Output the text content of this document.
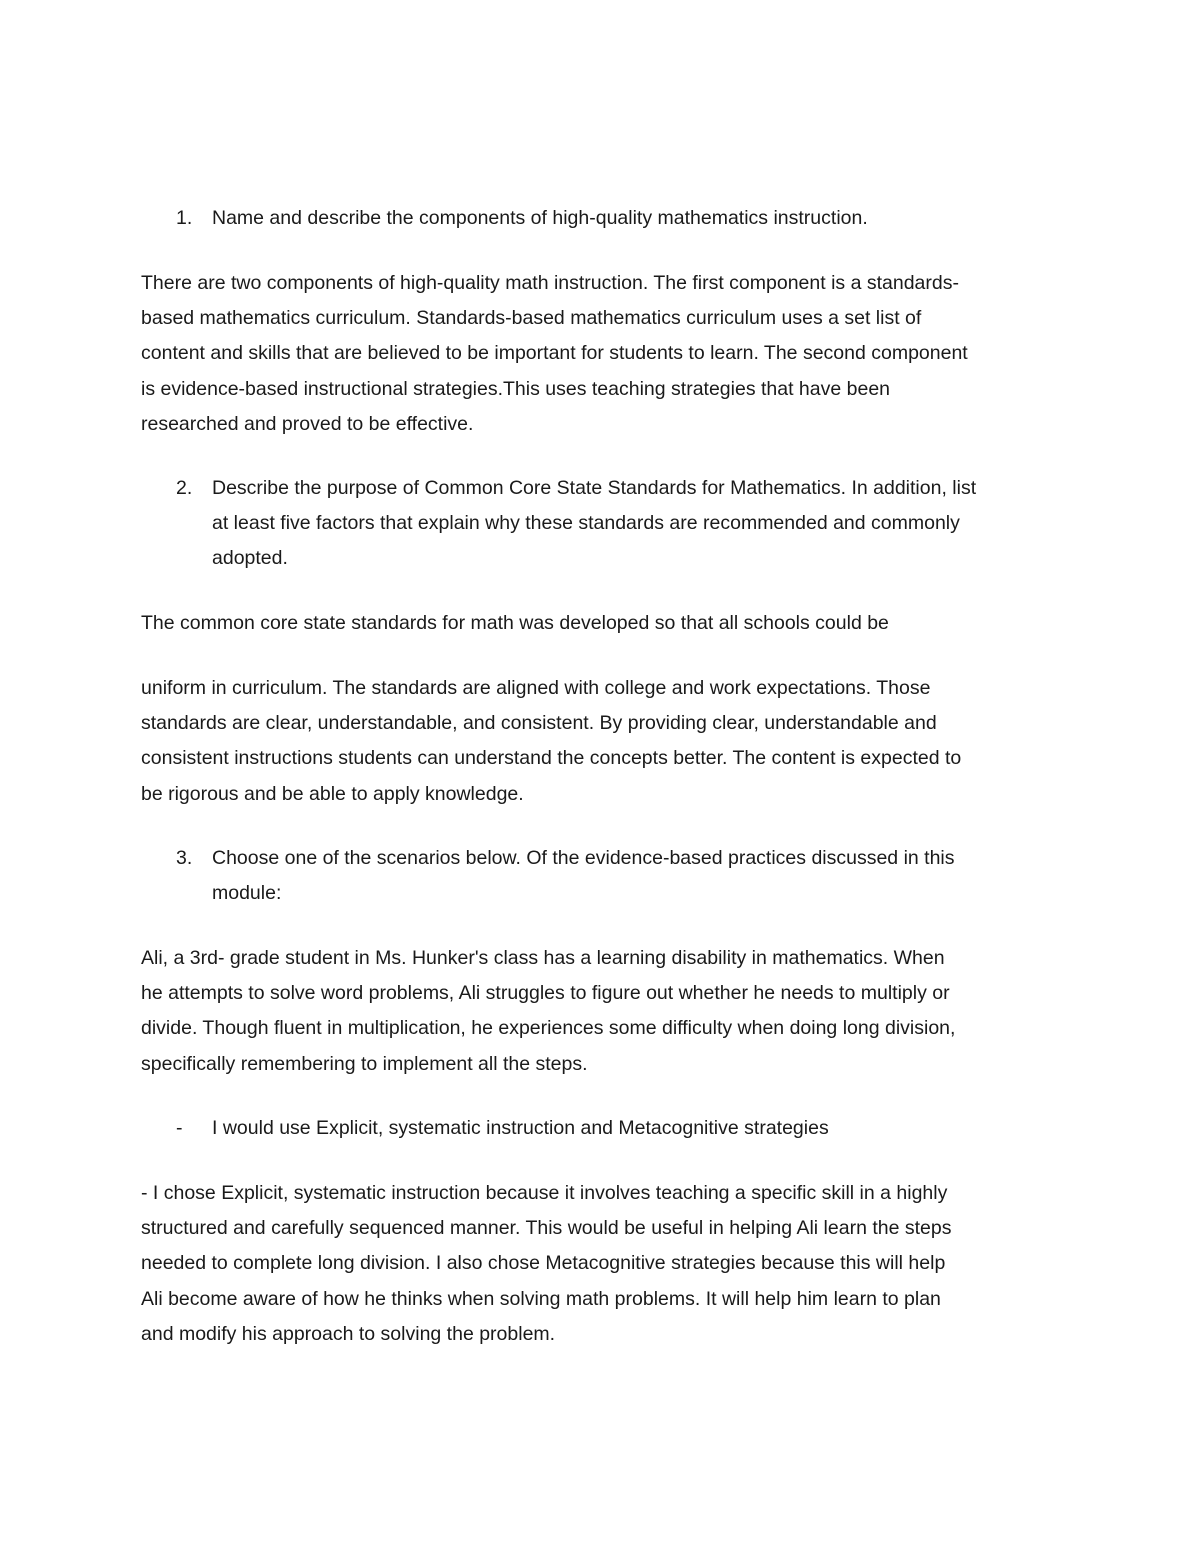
1. Name and describe the components of high-quality mathematics instruction.
There are two components of high-quality math instruction. The first component is a standards-
based mathematics curriculum. Standards-based mathematics curriculum uses a set list of
content and skills that are believed to be important for students to learn. The second component
is evidence-based instructional strategies.This uses teaching strategies that have been
researched and proved to be effective.
2. Describe the purpose of Common Core State Standards for Mathematics. In addition, list
at least five factors that explain why these standards are recommended and commonly
adopted.
The common core state standards for math was developed so that all schools could be
uniform in curriculum. The standards are aligned with college and work expectations. Those
standards are clear, understandable, and consistent. By providing clear, understandable and
consistent instructions students can understand the concepts better. The content is expected to
be rigorous and be able to apply knowledge.
3. Choose one of the scenarios below. Of the evidence-based practices discussed in this
module:
Ali, a 3rd- grade student in Ms. Hunker's class has a learning disability in mathematics. When
he attempts to solve word problems, Ali struggles to figure out whether he needs to multiply or
divide. Though fluent in multiplication, he experiences some difficulty when doing long division,
specifically remembering to implement all the steps.
- I would use Explicit, systematic instruction and Metacognitive strategies
- I chose Explicit, systematic instruction because it involves teaching a specific skill in a highly
structured and carefully sequenced manner. This would be useful in helping Ali learn the steps
needed to complete long division. I also chose Metacognitive strategies because this will help
Ali become aware of how he thinks when solving math problems. It will help him learn to plan
and modify his approach to solving the problem.
